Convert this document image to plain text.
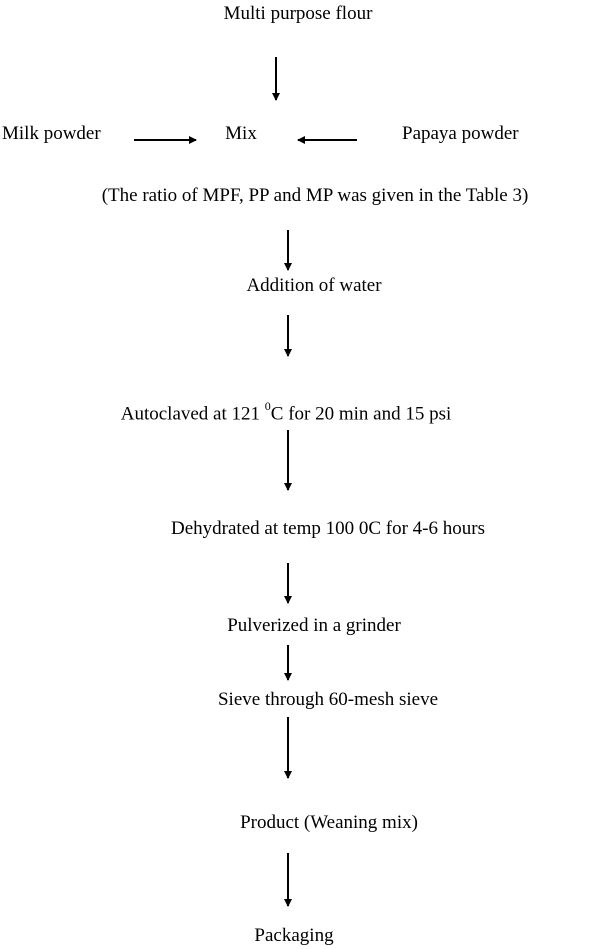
Multi purpose flour
Milk powder	Mix	Papaya powder
(The ratio of MPF, PP and MP was given in the Table 3)
Addition of water
Autoclaved at 121 $^0$C for 20 min and 15 psi
Dehydrated at temp 100 0C for 4-6 hours
Pulverized in a grinder
Sieve through 60-mesh sieve
Product (Weaning mix)
Packaging
